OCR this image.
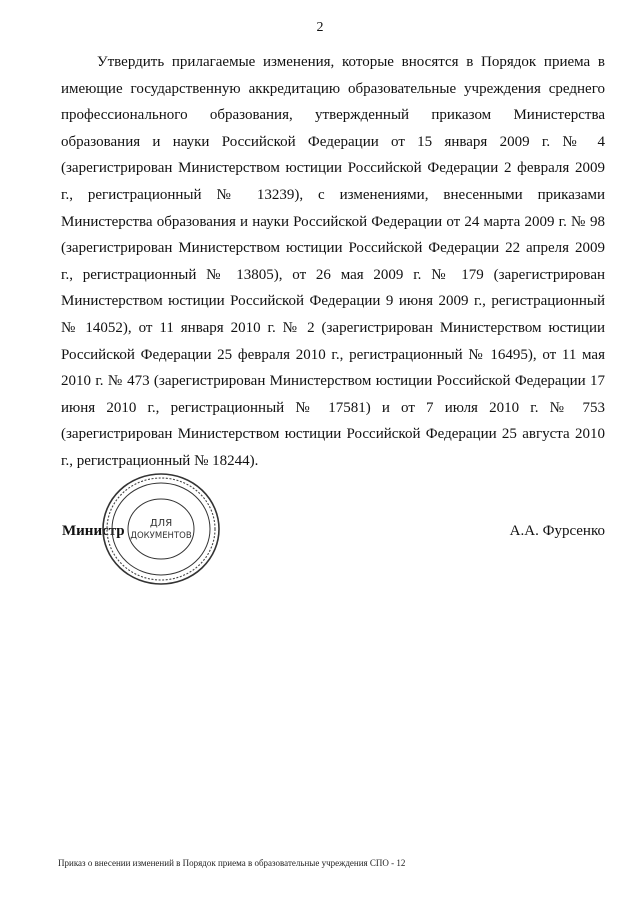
2

Утвердить прилагаемые изменения, которые вносятся в Порядок приема в имеющие государственную аккредитацию образовательные учреждения среднего профессионального образования, утвержденный приказом Министерства образования и науки Российской Федерации от 15 января 2009 г. № 4 (зарегистрирован Министерством юстиции Российской Федерации 2 февраля 2009 г., регистрационный № 13239), с изменениями, внесенными приказами Министерства образования и науки Российской Федерации от 24 марта 2009 г. № 98 (зарегистрирован Министерством юстиции Российской Федерации 22 апреля 2009 г., регистрационный № 13805), от 26 мая 2009 г. № 179 (зарегистрирован Министерством юстиции Российской Федерации 9 июня 2009 г., регистрационный № 14052), от 11 января 2010 г. № 2 (зарегистрирован Министерством юстиции Российской Федерации 25 февраля 2010 г., регистрационный № 16495), от 11 мая 2010 г. № 473 (зарегистрирован Министерством юстиции Российской Федерации 17 июня 2010 г., регистрационный № 17581) и от 7 июля 2010 г. № 753 (зарегистрирован Министерством юстиции Российской Федерации 25 августа 2010 г., регистрационный № 18244).

Министр	А.А. Фурсенко
ДЛЯ
ДОКУМЕНТОВ
Приказ о внесении изменений в Порядок приема в образовательные учреждения СПО - 12
